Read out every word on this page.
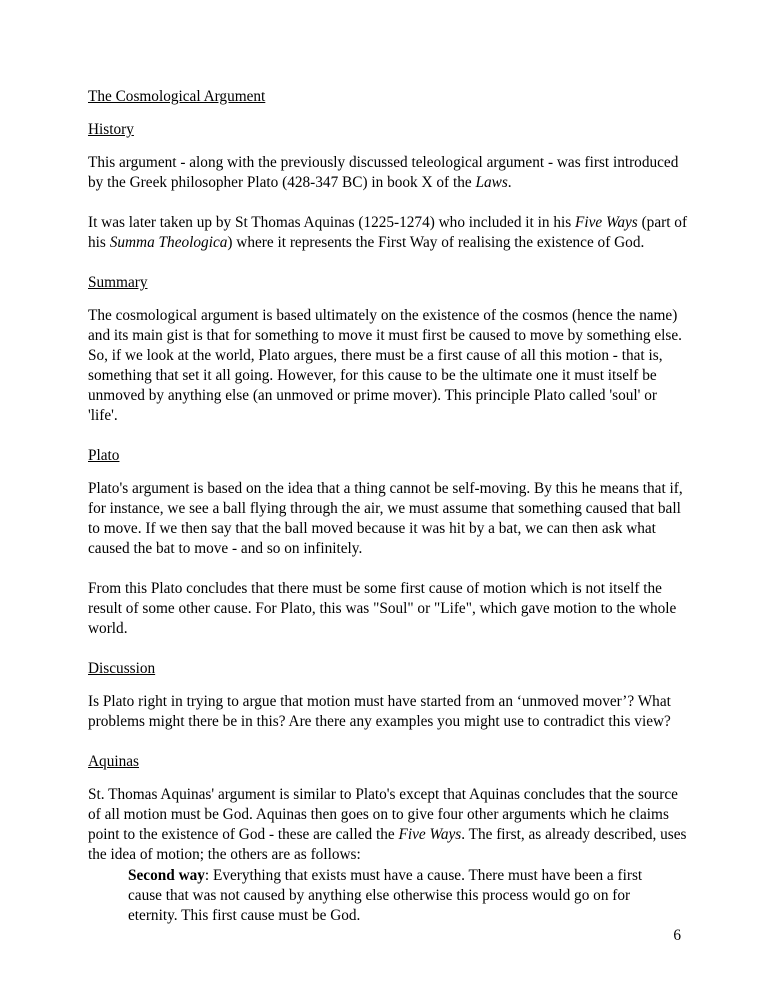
The Cosmological Argument
History

This argument - along with the previously discussed teleological argument - was first introduced by the Greek philosopher Plato (428-347 BC) in book X of the Laws.

It was later taken up by St Thomas Aquinas (1225-1274) who included it in his Five Ways (part of his Summa Theologica) where it represents the First Way of realising the existence of God.

Summary

The cosmological argument is based ultimately on the existence of the cosmos (hence the name) and its main gist is that for something to move it must first be caused to move by something else. So, if we look at the world, Plato argues, there must be a first cause of all this motion - that is, something that set it all going. However, for this cause to be the ultimate one it must itself be unmoved by anything else (an unmoved or prime mover). This principle Plato called 'soul' or 'life'.

Plato

Plato's argument is based on the idea that a thing cannot be self-moving. By this he means that if, for instance, we see a ball flying through the air, we must assume that something caused that ball to move. If we then say that the ball moved because it was hit by a bat, we can then ask what caused the bat to move - and so on infinitely.

From this Plato concludes that there must be some first cause of motion which is not itself the result of some other cause. For Plato, this was "Soul" or "Life", which gave motion to the whole world.

Discussion

Is Plato right in trying to argue that motion must have started from an ‘unmoved mover’? What problems might there be in this? Are there any examples you might use to contradict this view?

Aquinas

St. Thomas Aquinas' argument is similar to Plato's except that Aquinas concludes that the source of all motion must be God. Aquinas then goes on to give four other arguments which he claims point to the existence of God - these are called the Five Ways. The first, as already described, uses the idea of motion; the others are as follows:

Second way: Everything that exists must have a cause. There must have been a first cause that was not caused by anything else otherwise this process would go on for eternity. This first cause must be God.

6
